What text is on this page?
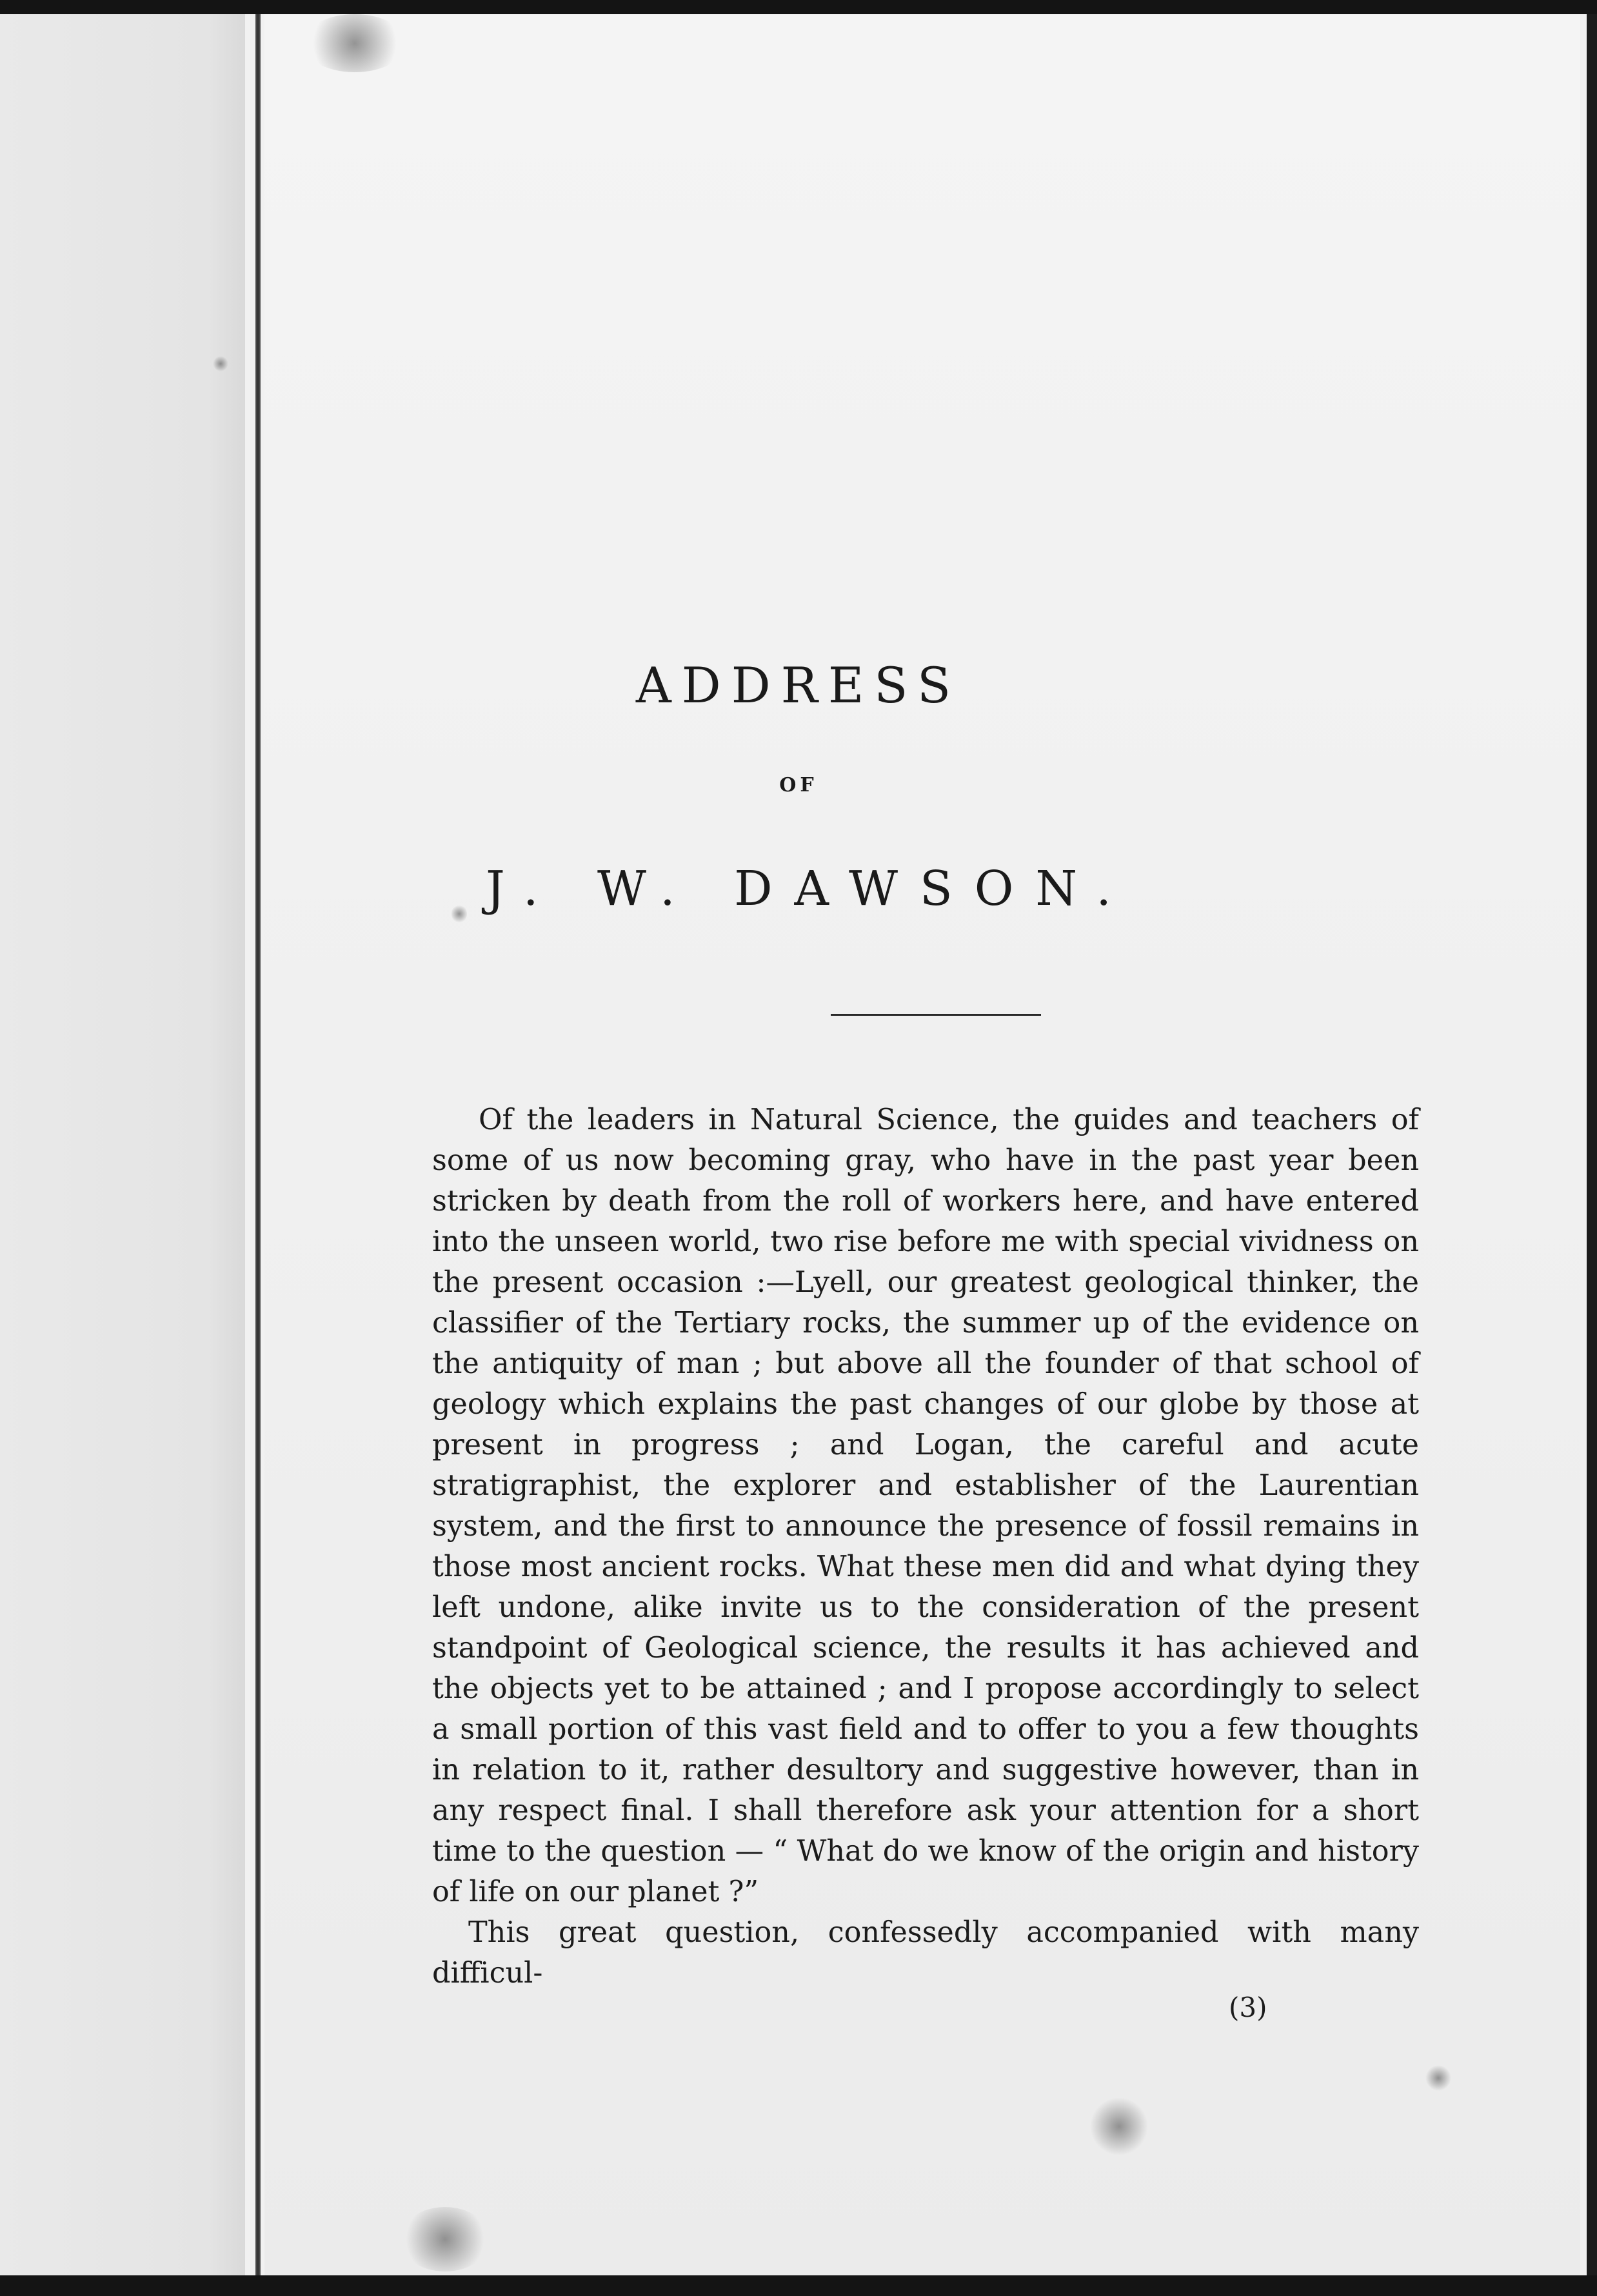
ADDRESS
OF
J. W. DAWSON.

Of the leaders in Natural Science, the guides and teachers of some of us now becoming gray, who have in the past year been stricken by death from the roll of workers here, and have entered into the unseen world, two rise before me with special vividness on the present occasion :—Lyell, our greatest geological thinker, the classifier of the Tertiary rocks, the summer up of the evidence on the antiquity of man ; but above all the founder of that school of geology which explains the past changes of our globe by those at present in progress ; and Logan, the careful and acute stratigraphist, the explorer and establisher of the Laurentian system, and the first to announce the presence of fossil remains in those most ancient rocks. What these men did and what dying they left undone, alike invite us to the consideration of the present standpoint of Geological science, the results it has achieved and the objects yet to be attained ; and I propose accordingly to select a small portion of this vast field and to offer to you a few thoughts in relation to it, rather desultory and suggestive however, than in any respect final. I shall therefore ask your attention for a short time to the question — “ What do we know of the origin and history of life on our planet ?”

This great question, confessedly accompanied with many difficul-

(3)
